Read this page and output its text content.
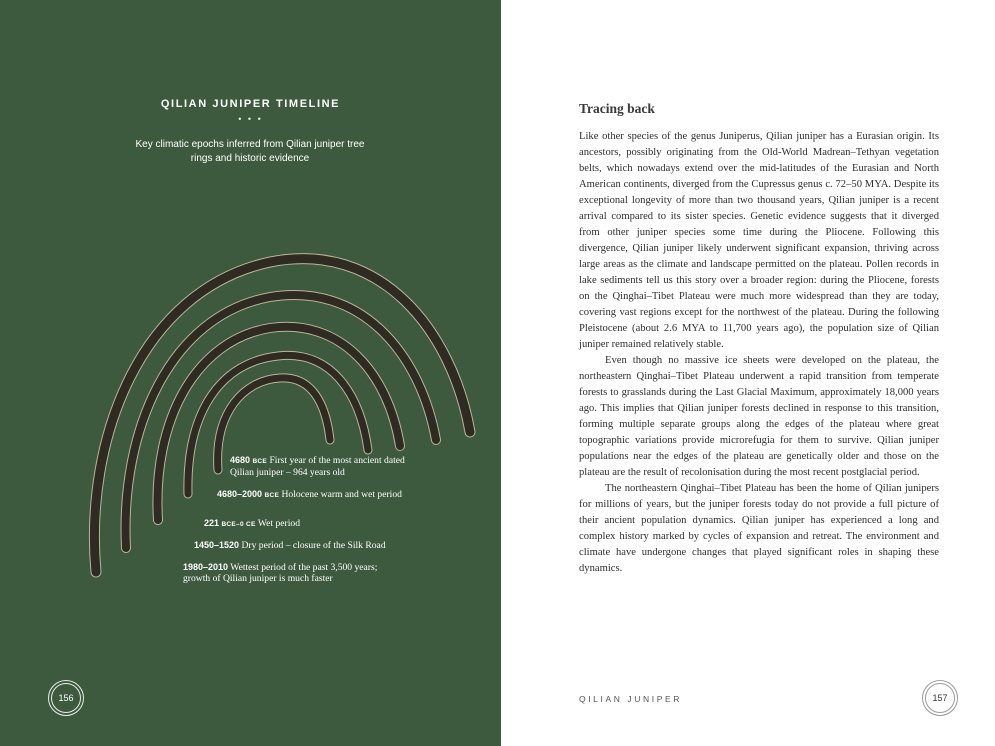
QILIAN JUNIPER TIMELINE
• • •
Key climatic epochs inferred from Qilian juniper tree rings and historic evidence
4680 BCE First year of the most ancient dated
Qilian juniper – 964 years old
4680–2000 BCE Holocene warm and wet period
221 BCE–0 CE Wet period
1450–1520 Dry period – closure of the Silk Road
1980–2010 Wettest period of the past 3,500 years;
growth of Qilian juniper is much faster
156
Tracing back

Like other species of the genus Juniperus, Qilian juniper has a Eurasian origin. Its ancestors, possibly originating from the Old-World Madrean–Tethyan vegetation belts, which nowadays extend over the mid-latitudes of the Eurasian and North American continents, diverged from the Cupressus genus c. 72–50 MYA. Despite its exceptional longevity of more than two thousand years, Qilian juniper is a recent arrival compared to its sister species. Genetic evidence suggests that it diverged from other juniper species some time during the Pliocene. Following this divergence, Qilian juniper likely underwent significant expansion, thriving across large areas as the climate and landscape permitted on the plateau. Pollen records in lake sediments tell us this story over a broader region: during the Pliocene, forests on the Qinghai–Tibet Plateau were much more widespread than they are today, covering vast regions except for the northwest of the plateau. During the following Pleistocene (about 2.6 MYA to 11,700 years ago), the population size of Qilian juniper remained relatively stable.

Even though no massive ice sheets were developed on the plateau, the northeastern Qinghai–Tibet Plateau underwent a rapid transition from temperate forests to grasslands during the Last Glacial Maximum, approximately 18,000 years ago. This implies that Qilian juniper forests declined in response to this transition, forming multiple separate groups along the edges of the plateau where great topographic variations provide microrefugia for them to survive. Qilian juniper populations near the edges of the plateau are genetically older and those on the plateau are the result of recolonisation during the most recent postglacial period.

The northeastern Qinghai–Tibet Plateau has been the home of Qilian junipers for millions of years, but the juniper forests today do not provide a full picture of their ancient population dynamics. Qilian juniper has experienced a long and complex history marked by cycles of expansion and retreat. The environment and climate have undergone changes that played significant roles in shaping these dynamics.

QILIAN JUNIPER	157
